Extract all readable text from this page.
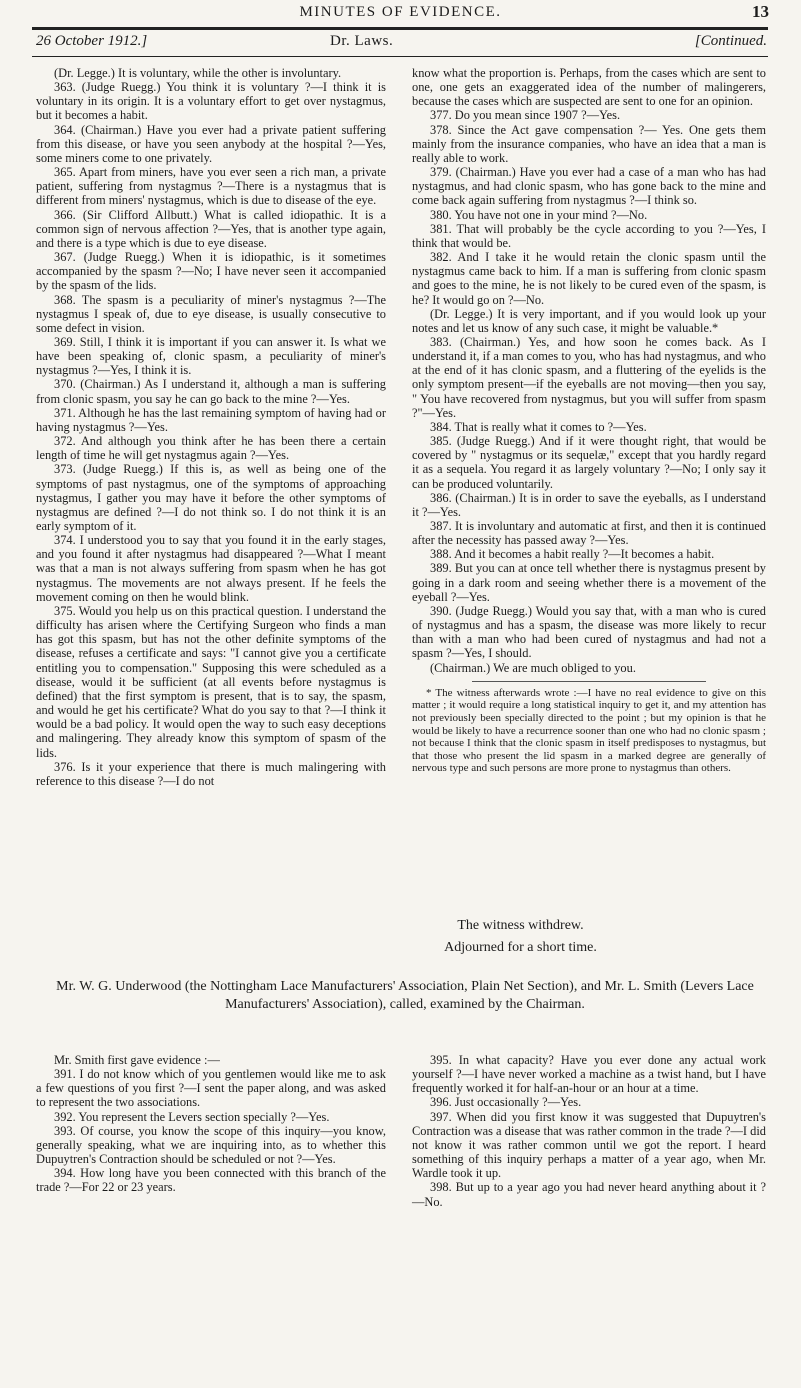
MINUTES OF EVIDENCE.	13
26 October 1912.]	Dr. Laws.	[Continued.

(Dr. Legge.) It is voluntary, while the other is involuntary.

363. (Judge Ruegg.) You think it is voluntary ?—I think it is voluntary in its origin. It is a voluntary effort to get over nystagmus, but it becomes a habit.

364. (Chairman.) Have you ever had a private patient suffering from this disease, or have you seen anybody at the hospital ?—Yes, some miners come to one privately.

365. Apart from miners, have you ever seen a rich man, a private patient, suffering from nystagmus ?—There is a nystagmus that is different from miners' nystagmus, which is due to disease of the eye.

366. (Sir Clifford Allbutt.) What is called idiopathic. It is a common sign of nervous affection ?—Yes, that is another type again, and there is a type which is due to eye disease.

367. (Judge Ruegg.) When it is idiopathic, is it sometimes accompanied by the spasm ?—No; I have never seen it accompanied by the spasm of the lids.

368. The spasm is a peculiarity of miner's nystagmus ?—The nystagmus I speak of, due to eye disease, is usually consecutive to some defect in vision.

369. Still, I think it is important if you can answer it. Is what we have been speaking of, clonic spasm, a peculiarity of miner's nystagmus ?—Yes, I think it is.

370. (Chairman.) As I understand it, although a man is suffering from clonic spasm, you say he can go back to the mine ?—Yes.

371. Although he has the last remaining symptom of having had or having nystagmus ?—Yes.

372. And although you think after he has been there a certain length of time he will get nystagmus again ?—Yes.

373. (Judge Ruegg.) If this is, as well as being one of the symptoms of past nystagmus, one of the symptoms of approaching nystagmus, I gather you may have it before the other symptoms of nystagmus are defined ?—I do not think so. I do not think it is an early symptom of it.

374. I understood you to say that you found it in the early stages, and you found it after nystagmus had disappeared ?—What I meant was that a man is not always suffering from spasm when he has got nystagmus. The movements are not always present. If he feels the movement coming on then he would blink.

375. Would you help us on this practical question. I understand the difficulty has arisen where the Certifying Surgeon who finds a man has got this spasm, but has not the other definite symptoms of the disease, refuses a certificate and says: "I cannot give you a certificate entitling you to compensation." Supposing this were scheduled as a disease, would it be sufficient (at all events before nystagmus is defined) that the first symptom is present, that is to say, the spasm, and would he get his certificate? What do you say to that ?—I think it would be a bad policy. It would open the way to such easy deceptions and malingering. They already know this symptom of spasm of the lids.

376. Is it your experience that there is much malingering with reference to this disease ?—I do not

know what the proportion is. Perhaps, from the cases which are sent to one, one gets an exaggerated idea of the number of malingerers, because the cases which are suspected are sent to one for an opinion.

377. Do you mean since 1907 ?—Yes.

378. Since the Act gave compensation ?— Yes. One gets them mainly from the insurance companies, who have an idea that a man is really able to work.

379. (Chairman.) Have you ever had a case of a man who has had nystagmus, and had clonic spasm, who has gone back to the mine and come back again suffering from nystagmus ?—I think so.

380. You have not one in your mind ?—No.

381. That will probably be the cycle according to you ?—Yes, I think that would be.

382. And I take it he would retain the clonic spasm until the nystagmus came back to him. If a man is suffering from clonic spasm and goes to the mine, he is not likely to be cured even of the spasm, is he? It would go on ?—No.

(Dr. Legge.) It is very important, and if you would look up your notes and let us know of any such case, it might be valuable.*

383. (Chairman.) Yes, and how soon he comes back. As I understand it, if a man comes to you, who has had nystagmus, and who at the end of it has clonic spasm, and a fluttering of the eyelids is the only symptom present—if the eyeballs are not moving—then you say, " You have recovered from nystagmus, but you will suffer from spasm ?"—Yes.

384. That is really what it comes to ?—Yes.

385. (Judge Ruegg.) And if it were thought right, that would be covered by " nystagmus or its sequelæ," except that you hardly regard it as a sequela. You regard it as largely voluntary ?—No; I only say it can be produced voluntarily.

386. (Chairman.) It is in order to save the eyeballs, as I understand it ?—Yes.

387. It is involuntary and automatic at first, and then it is continued after the necessity has passed away ?—Yes.

388. And it becomes a habit really ?—It becomes a habit.

389. But you can at once tell whether there is nystagmus present by going in a dark room and seeing whether there is a movement of the eyeball ?—Yes.

390. (Judge Ruegg.) Would you say that, with a man who is cured of nystagmus and has a spasm, the disease was more likely to recur than with a man who had been cured of nystagmus and had not a spasm ?—Yes, I should.

(Chairman.) We are much obliged to you.

* The witness afterwards wrote :—I have no real evidence to give on this matter ; it would require a long statistical inquiry to get it, and my attention has not previously been specially directed to the point ; but my opinion is that he would be likely to have a recurrence sooner than one who had no clonic spasm ; not because I think that the clonic spasm in itself predisposes to nystagmus, but that those who present the lid spasm in a marked degree are generally of nervous type and such persons are more prone to nystagmus than others.

The witness withdrew.
Adjourned for a short time.
Mr. W. G. Underwood (the Nottingham Lace Manufacturers' Association, Plain Net Section), and Mr. L. Smith (Levers Lace Manufacturers' Association), called, examined by the Chairman.

Mr. Smith first gave evidence :—

391. I do not know which of you gentlemen would like me to ask a few questions of you first ?—I sent the paper along, and was asked to represent the two associations.

392. You represent the Levers section specially ?—Yes.

393. Of course, you know the scope of this inquiry—you know, generally speaking, what we are inquiring into, as to whether this Dupuytren's Contraction should be scheduled or not ?—Yes.

394. How long have you been connected with this branch of the trade ?—For 22 or 23 years.

395. In what capacity? Have you ever done any actual work yourself ?—I have never worked a machine as a twist hand, but I have frequently worked it for half-an-hour or an hour at a time.

396. Just occasionally ?—Yes.

397. When did you first know it was suggested that Dupuytren's Contraction was a disease that was rather common in the trade ?—I did not know it was rather common until we got the report. I heard something of this inquiry perhaps a matter of a year ago, when Mr. Wardle took it up.

398. But up to a year ago you had never heard anything about it ?—No.
